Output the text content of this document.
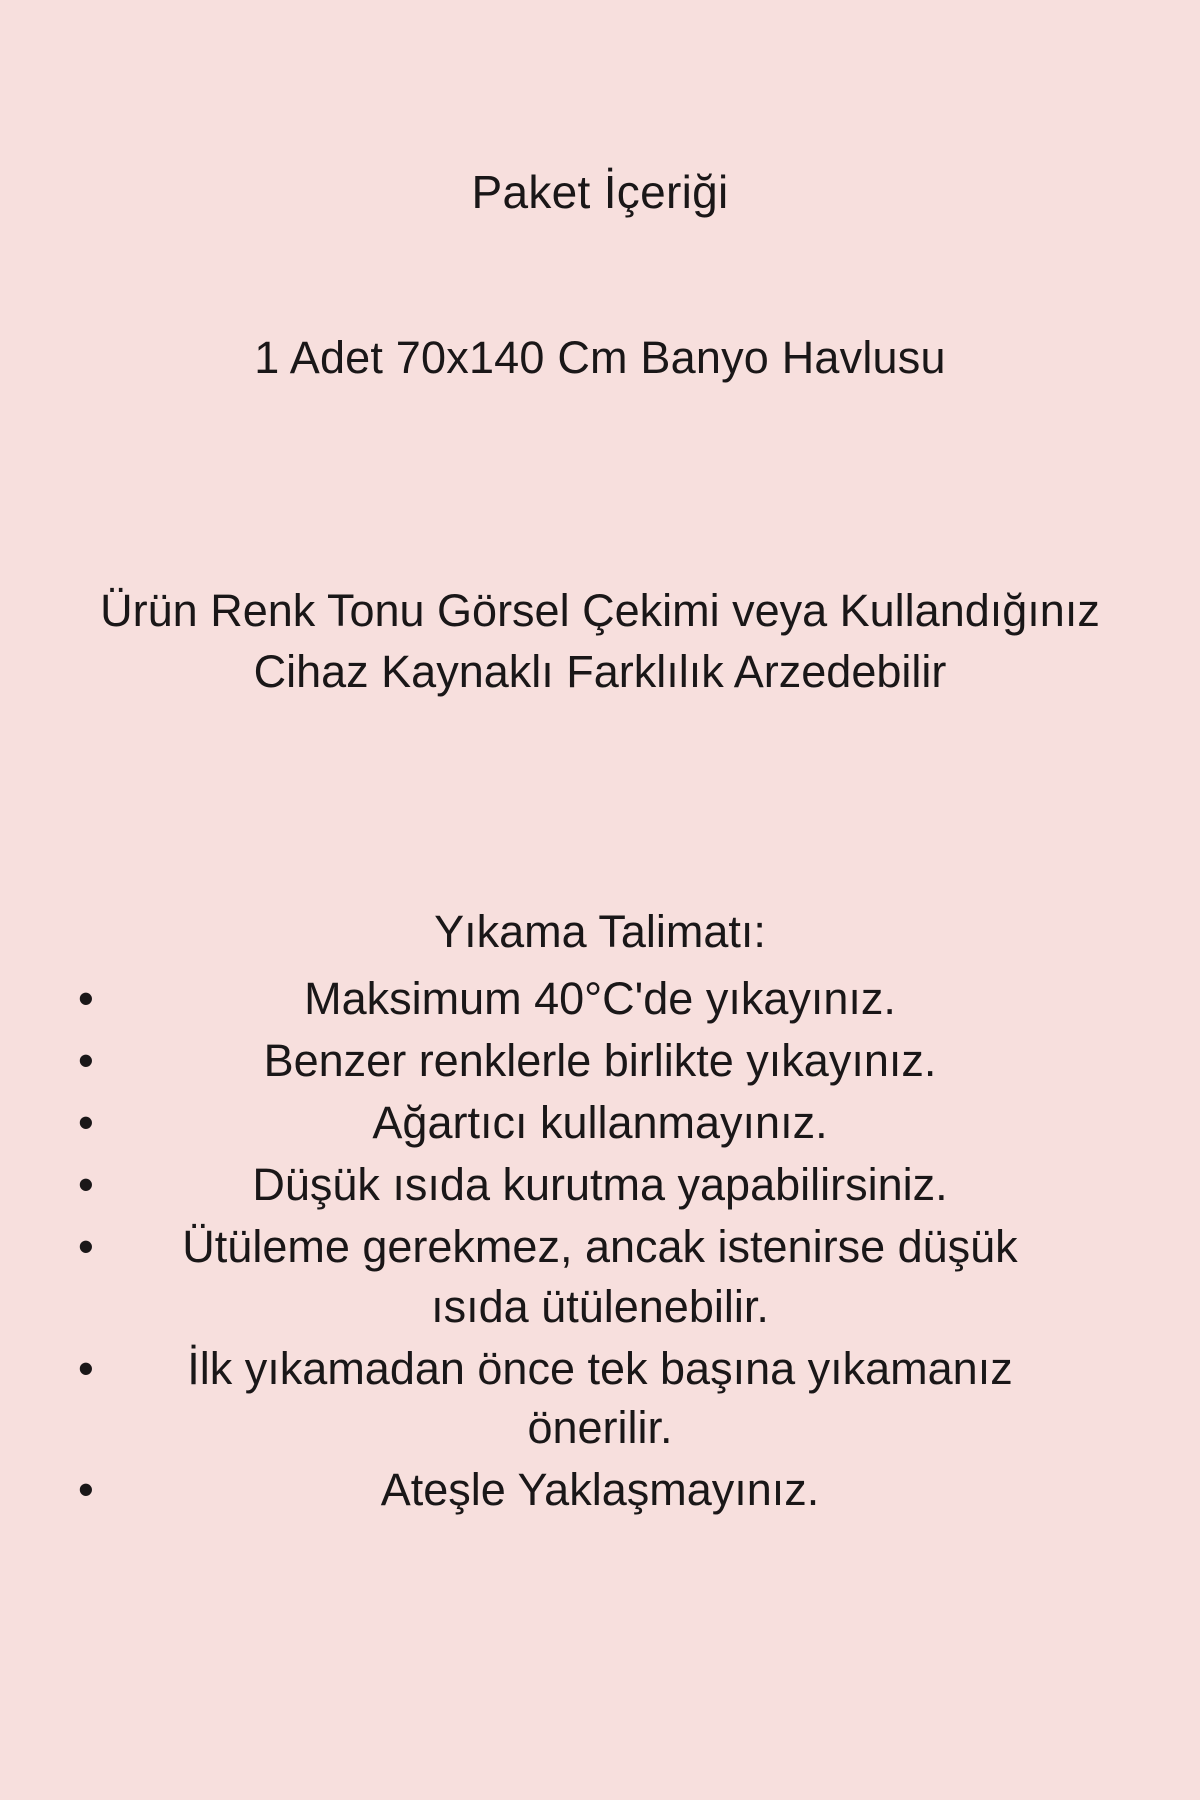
Paket İçeriği

1 Adet 70x140 Cm Banyo Havlusu

Ürün Renk Tonu Görsel Çekimi veya Kullandığınız Cihaz Kaynaklı Farklılık Arzedebilir

Yıkama Talimatı:

•	Maksimum 40°C'de yıkayınız.
•	Benzer renklerle birlikte yıkayınız.
•	Ağartıcı kullanmayınız.
•	Düşük ısıda kurutma yapabilirsiniz.
•	Ütüleme gerekmez, ancak istenirse düşük ısıda ütülenebilir.
•	İlk yıkamadan önce tek başına yıkamanız önerilir.
•	Ateşle Yaklaşmayınız.
